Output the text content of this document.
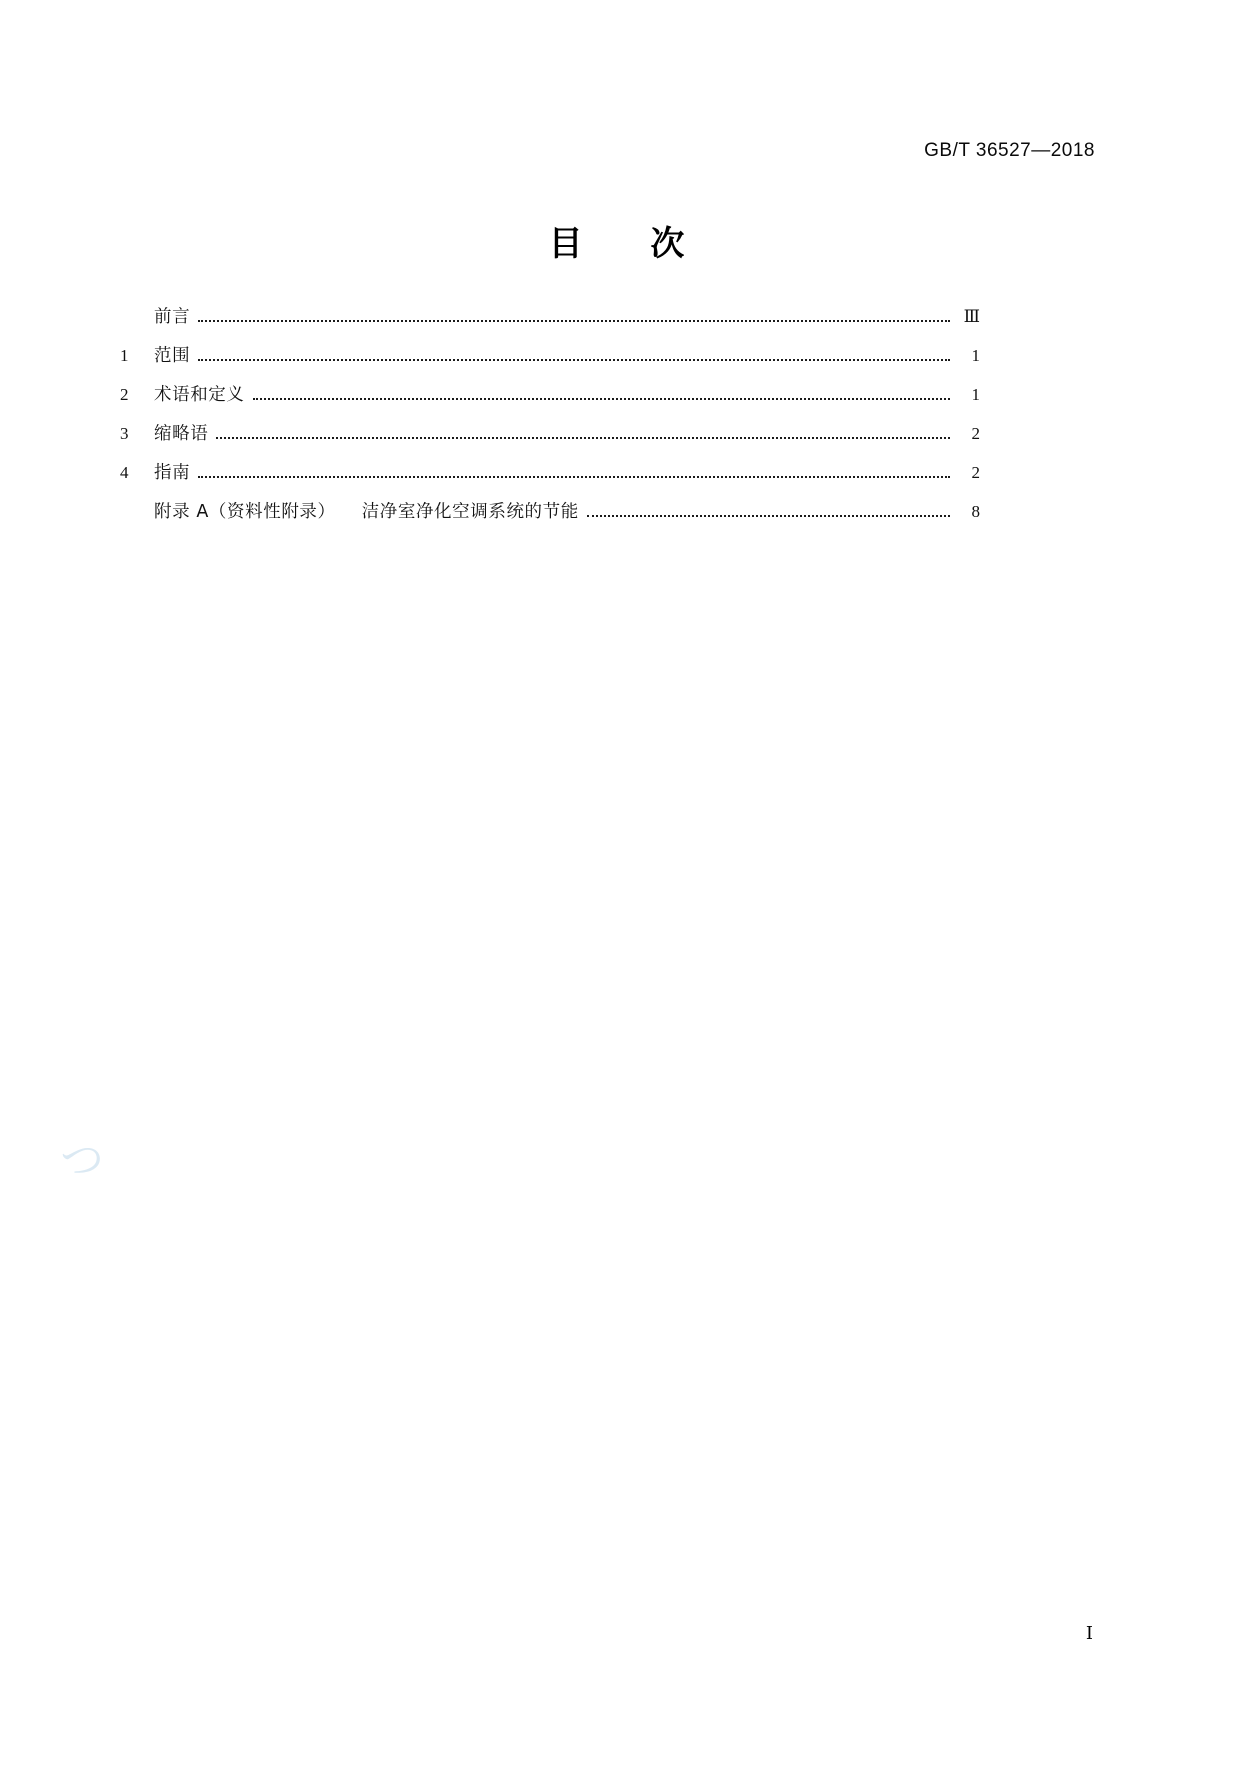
GB/T 36527—2018
目 次
前言	Ⅲ
1	范围	1
2	术语和定义	1
3	缩略语	2
4	指南	2
附录 A（资料性附录） 洁净室净化空调系统的节能	8
つ
Ⅰ
